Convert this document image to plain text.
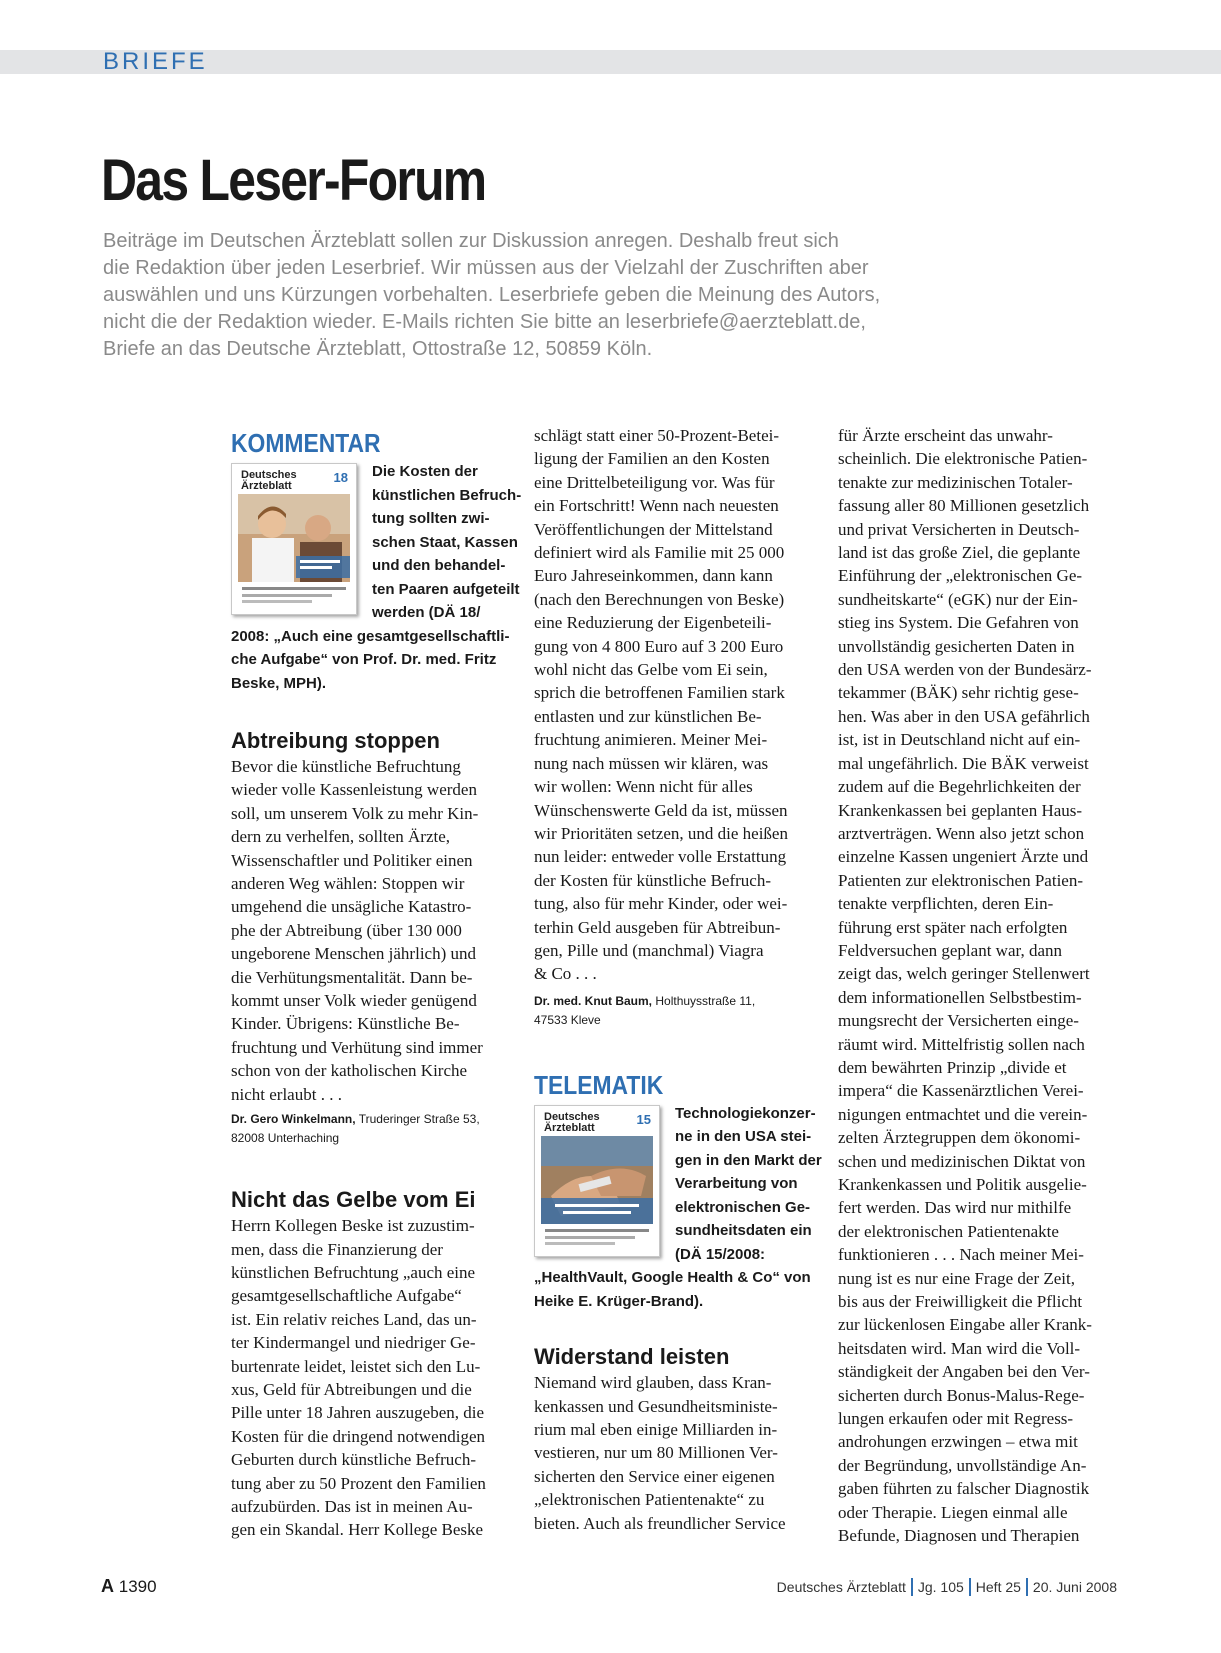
BRIEFE
Das Leser-Forum
Beiträge im Deutschen Ärzteblatt sollen zur Diskussion anregen. Deshalb freut sich
die Redaktion über jeden Leserbrief. Wir müssen aus der Vielzahl der Zuschriften aber
auswählen und uns Kürzungen vorbehalten. Leserbriefe geben die Meinung des Autors,
nicht die der Redaktion wieder. E-Mails richten Sie bitte an leserbriefe@aerzteblatt.de,
Briefe an das Deutsche Ärzteblatt, Ottostraße 12, 50859 Köln.
KOMMENTAR
Deutsches
Ärzteblatt
18	Die Kosten der
künstlichen Befruch-
tung sollten zwi-
schen Staat, Kassen
und den behandel-
ten Paaren aufgeteilt
werden (DÄ 18/
2008: „Auch eine gesamtgesellschaftli-
che Aufgabe“ von Prof. Dr. med. Fritz
Beske, MPH).
Abtreibung stoppen
Bevor die künstliche Befruchtung
wieder volle Kassenleistung werden
soll, um unserem Volk zu mehr Kin-
dern zu verhelfen, sollten Ärzte,
Wissenschaftler und Politiker einen
anderen Weg wählen: Stoppen wir
umgehend die unsägliche Katastro-
phe der Abtreibung (über 130 000
ungeborene Menschen jährlich) und
die Verhütungsmentalität. Dann be-
kommt unser Volk wieder genügend
Kinder. Übrigens: Künstliche Be-
fruchtung und Verhütung sind immer
schon von der katholischen Kirche
nicht erlaubt . . .
Dr. Gero Winkelmann, Truderinger Straße 53,
82008 Unterhaching
Nicht das Gelbe vom Ei
Herrn Kollegen Beske ist zuzustim-
men, dass die Finanzierung der
künstlichen Befruchtung „auch eine
gesamtgesellschaftliche Aufgabe“
ist. Ein relativ reiches Land, das un-
ter Kindermangel und niedriger Ge-
burtenrate leidet, leistet sich den Lu-
xus, Geld für Abtreibungen und die
Pille unter 18 Jahren auszugeben, die
Kosten für die dringend notwendigen
Geburten durch künstliche Befruch-
tung aber zu 50 Prozent den Familien
aufzubürden. Das ist in meinen Au-
gen ein Skandal. Herr Kollege Beske
schlägt statt einer 50-Prozent-Betei-
ligung der Familien an den Kosten
eine Drittelbeteiligung vor. Was für
ein Fortschritt! Wenn nach neuesten
Veröffentlichungen der Mittelstand
definiert wird als Familie mit 25 000
Euro Jahreseinkommen, dann kann
(nach den Berechnungen von Beske)
eine Reduzierung der Eigenbeteili-
gung von 4 800 Euro auf 3 200 Euro
wohl nicht das Gelbe vom Ei sein,
sprich die betroffenen Familien stark
entlasten und zur künstlichen Be-
fruchtung animieren. Meiner Mei-
nung nach müssen wir klären, was
wir wollen: Wenn nicht für alles
Wünschenswerte Geld da ist, müssen
wir Prioritäten setzen, und die heißen
nun leider: entweder volle Erstattung
der Kosten für künstliche Befruch-
tung, also für mehr Kinder, oder wei-
terhin Geld ausgeben für Abtreibun-
gen, Pille und (manchmal) Viagra
& Co . . .
Dr. med. Knut Baum, Holthuysstraße 11,
47533 Kleve
TELEMATIK
Deutsches
Ärzteblatt
15	Technologiekonzer-
ne in den USA stei-
gen in den Markt der
Verarbeitung von
elektronischen Ge-
sundheitsdaten ein
(DÄ 15/2008:
„HealthVault, Google Health & Co“ von
Heike E. Krüger-Brand).
Widerstand leisten
Niemand wird glauben, dass Kran-
kenkassen und Gesundheitsministe-
rium mal eben einige Milliarden in-
vestieren, nur um 80 Millionen Ver-
sicherten den Service einer eigenen
„elektronischen Patientenakte“ zu
bieten. Auch als freundlicher Service
für Ärzte erscheint das unwahr-
scheinlich. Die elektronische Patien-
tenakte zur medizinischen Totaler-
fassung aller 80 Millionen gesetzlich
und privat Versicherten in Deutsch-
land ist das große Ziel, die geplante
Einführung der „elektronischen Ge-
sundheitskarte“ (eGK) nur der Ein-
stieg ins System. Die Gefahren von
unvollständig gesicherten Daten in
den USA werden von der Bundesärz-
tekammer (BÄK) sehr richtig gese-
hen. Was aber in den USA gefährlich
ist, ist in Deutschland nicht auf ein-
mal ungefährlich. Die BÄK verweist
zudem auf die Begehrlichkeiten der
Krankenkassen bei geplanten Haus-
arztverträgen. Wenn also jetzt schon
einzelne Kassen ungeniert Ärzte und
Patienten zur elektronischen Patien-
tenakte verpflichten, deren Ein-
führung erst später nach erfolgten
Feldversuchen geplant war, dann
zeigt das, welch geringer Stellenwert
dem informationellen Selbstbestim-
mungsrecht der Versicherten einge-
räumt wird. Mittelfristig sollen nach
dem bewährten Prinzip „divide et
impera“ die Kassenärztlichen Verei-
nigungen entmachtet und die verein-
zelten Ärztegruppen dem ökonomi-
schen und medizinischen Diktat von
Krankenkassen und Politik ausgelie-
fert werden. Das wird nur mithilfe
der elektronischen Patientenakte
funktionieren . . . Nach meiner Mei-
nung ist es nur eine Frage der Zeit,
bis aus der Freiwilligkeit die Pflicht
zur lückenlosen Eingabe aller Krank-
heitsdaten wird. Man wird die Voll-
ständigkeit der Angaben bei den Ver-
sicherten durch Bonus-Malus-Rege-
lungen erkaufen oder mit Regress-
androhungen erzwingen – etwa mit
der Begründung, unvollständige An-
gaben führten zu falscher Diagnostik
oder Therapie. Liegen einmal alle
Befunde, Diagnosen und Therapien
A 1390	Deutsches Ärzteblatt Jg. 105 Heft 25 20. Juni 2008
